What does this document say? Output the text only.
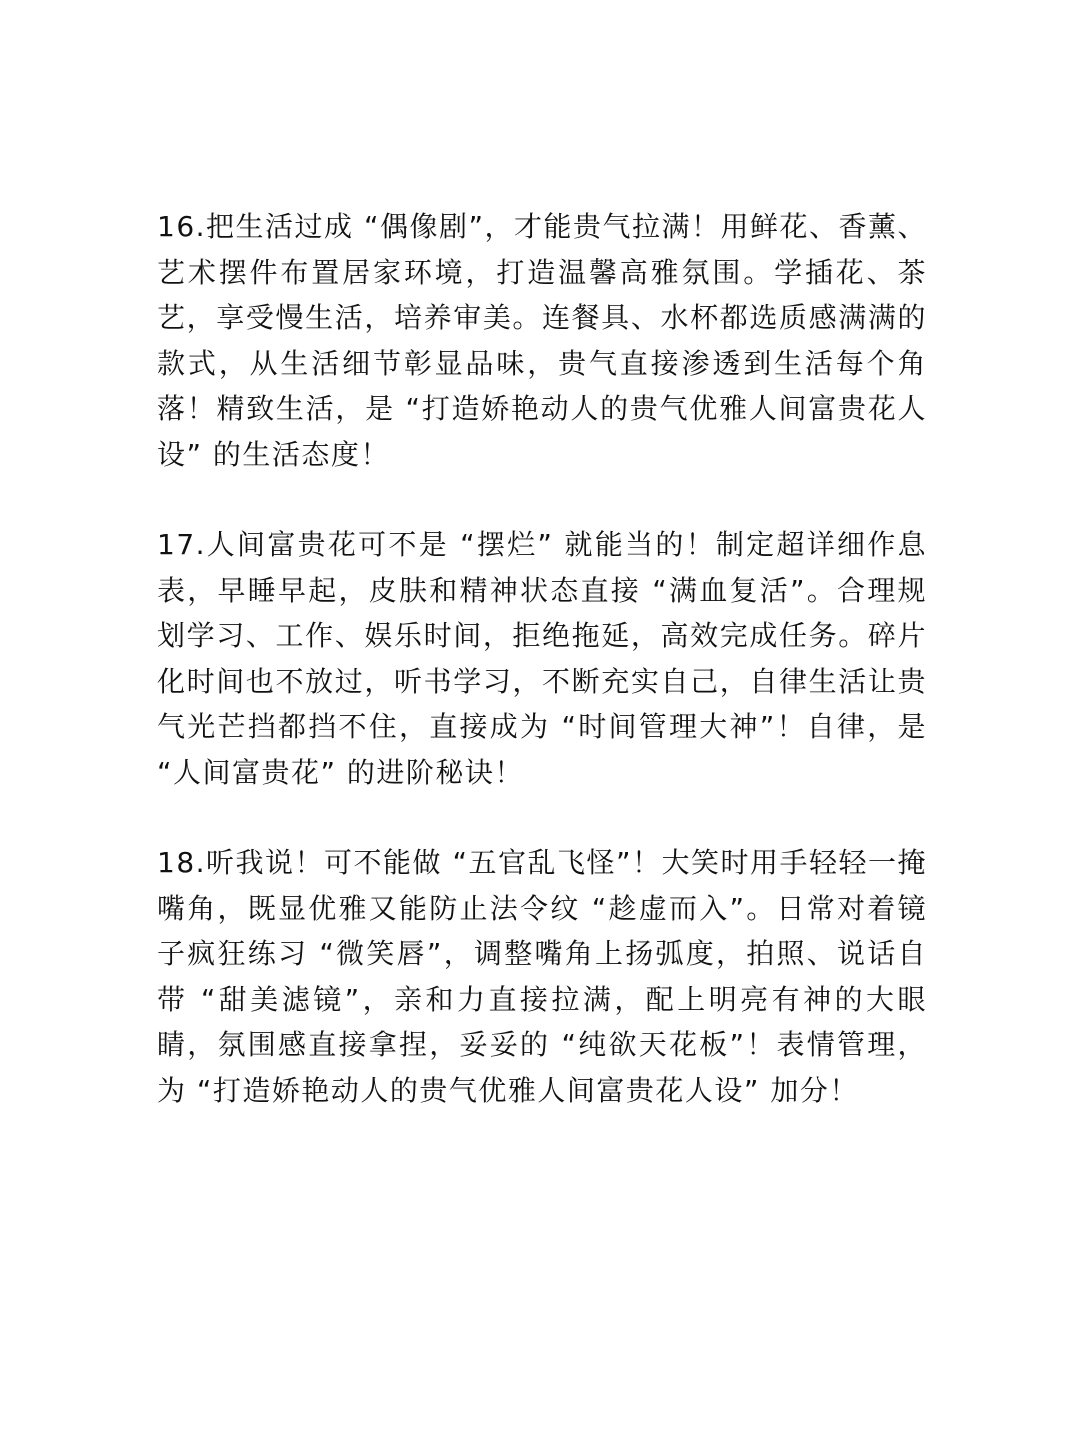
16.把生活过成 “偶像剧”，才能贵气拉满！用鲜花、香薰、艺术摆件布置居家环境，打造温馨高雅氛围。学插花、茶艺，享受慢生活，培养审美。连餐具、水杯都选质感满满的款式，从生活细节彰显品味，贵气直接渗透到生活每个角落！精致生活，是 “打造娇艳动人的贵气优雅人间富贵花人设” 的生活态度！

17.人间富贵花可不是 “摆烂” 就能当的！制定超详细作息表，早睡早起，皮肤和精神状态直接 “满血复活”。合理规划学习、工作、娱乐时间，拒绝拖延，高效完成任务。碎片化时间也不放过，听书学习，不断充实自己，自律生活让贵气光芒挡都挡不住，直接成为 “时间管理大神”！自律，是 “人间富贵花” 的进阶秘诀！

18.听我说！可不能做 “五官乱飞怪”！大笑时用手轻轻一掩嘴角，既显优雅又能防止法令纹 “趁虚而入”。日常对着镜子疯狂练习 “微笑唇”，调整嘴角上扬弧度，拍照、说话自带 “甜美滤镜”，亲和力直接拉满，配上明亮有神的大眼睛，氛围感直接拿捏，妥妥的 “纯欲天花板”！表情管理，为 “打造娇艳动人的贵气优雅人间富贵花人设” 加分！
